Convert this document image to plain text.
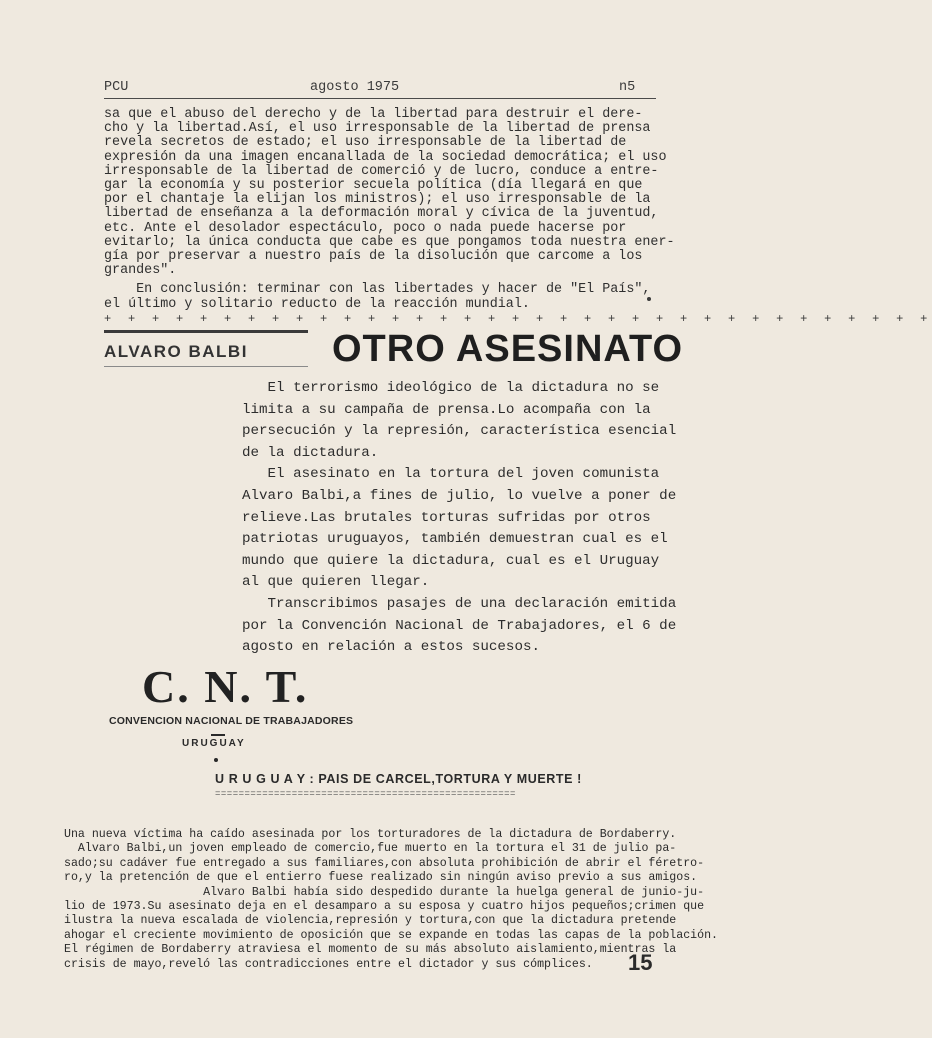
PCU	agosto 1975	n5

sa que el abuso del derecho y de la libertad para destruir el dere-

cho y la libertad.Así, el uso irresponsable de la libertad de prensa

revela secretos de estado; el uso irresponsable de la libertad de

expresión da una imagen encanallada de la sociedad democrática; el uso

irresponsable de la libertad de comerció y de lucro, conduce a entre-

gar la economía y su posterior secuela política (día llegará en que

por el chantaje la elijan los ministros); el uso irresponsable de la

libertad de enseñanza a la deformación moral y cívica de la juventud,

etc. Ante el desolador espectáculo, poco o nada puede hacerse por

evitarlo; la única conducta que cabe es que pongamos toda nuestra ener-

gía por preservar a nuestro país de la disolución que carcome a los

grandes".

En conclusión: terminar con las libertades y hacer de "El País",

el último y solitario reducto de la reacción mundial.

+ + + + + + + + + + + + + + + + + + + + + + + + + + + + + + + + + + +
ALVARO BALBI OTRO ASESINATO

El terrorismo ideológico de la dictadura no se

limita a su campaña de prensa.Lo acompaña con la

persecución y la represión, característica esencial

de la dictadura.

El asesinato en la tortura del joven comunista

Alvaro Balbi,a fines de julio, lo vuelve a poner de

relieve.Las brutales torturas sufridas por otros

patriotas uruguayos, también demuestran cual es el

mundo que quiere la dictadura, cual es el Uruguay

al que quieren llegar.

Transcribimos pasajes de una declaración emitida

por la Convención Nacional de Trabajadores, el 6 de

agosto en relación a estos sucesos.

C. N. T.
CONVENCION NACIONAL DE TRABAJADORES
URUGUAY
U R U G U A Y : PAIS DE CARCEL,TORTURA Y MUERTE !
===================================================

Una nueva víctima ha caído asesinada por los torturadores de la dictadura de Bordaberry.

Alvaro Balbi,un joven empleado de comercio,fue muerto en la tortura el 31 de julio pa-

sado;su cadáver fue entregado a sus familiares,con absoluta prohibición de abrir el féretro-

ro,y la pretención de que el entierro fuese realizado sin ningún aviso previo a sus amigos.

Alvaro Balbi había sido despedido durante la huelga general de junio-ju-

lio de 1973.Su asesinato deja en el desamparo a su esposa y cuatro hijos pequeños;crimen que

ilustra la nueva escalada de violencia,represión y tortura,con que la dictadura pretende

ahogar el creciente movimiento de oposición que se expande en todas las capas de la población.

El régimen de Bordaberry atraviesa el momento de su más absoluto aislamiento,mientras la

crisis de mayo,reveló las contradicciones entre el dictador y sus cómplices.	15
